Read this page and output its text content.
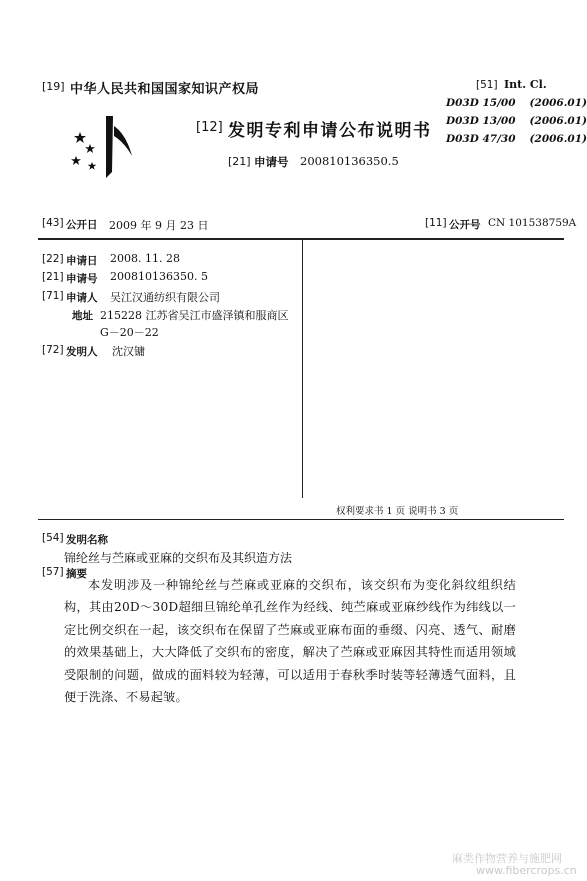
[19] 中华人民共和国国家知识产权局
[12] 发明专利申请公布说明书
[21] 申请号 200810136350.5
[51] Int. Cl.
D03D 15/00 (2006.01)
D03D 13/00 (2006.01)
D03D 47/30 (2006.01)
[43] 公开日 2009 年 9 月 23 日	[11] 公开号 CN 101538759A
[22] 申请日 2008. 11. 28
[21] 申请号 200810136350. 5
[71] 申请人 吴江汉通纺织有限公司
地址 215228 江苏省吴江市盛泽镇和服商区
G－20－22
[72] 发明人 沈汉镛
权利要求书 1 页 说明书 3 页
[54] 发明名称
锦纶丝与苎麻或亚麻的交织布及其织造方法
[57] 摘要
本发明涉及一种锦纶丝与苎麻或亚麻的交织布，该交织布为变化斜纹组织结构，其由20D～30D超细旦锦纶单孔丝作为经线、纯苎麻或亚麻纱线作为纬线以一定比例交织在一起，该交织布在保留了苎麻或亚麻布面的垂缀、闪亮、透气、耐磨的效果基础上，大大降低了交织布的密度，解决了苎麻或亚麻因其特性而适用领域受限制的问题，做成的面料较为轻薄，可以适用于春秋季时装等轻薄透气面料，且便于洗涤、不易起皱。
麻类作物营养与施肥网
www.fibercrops.cn
